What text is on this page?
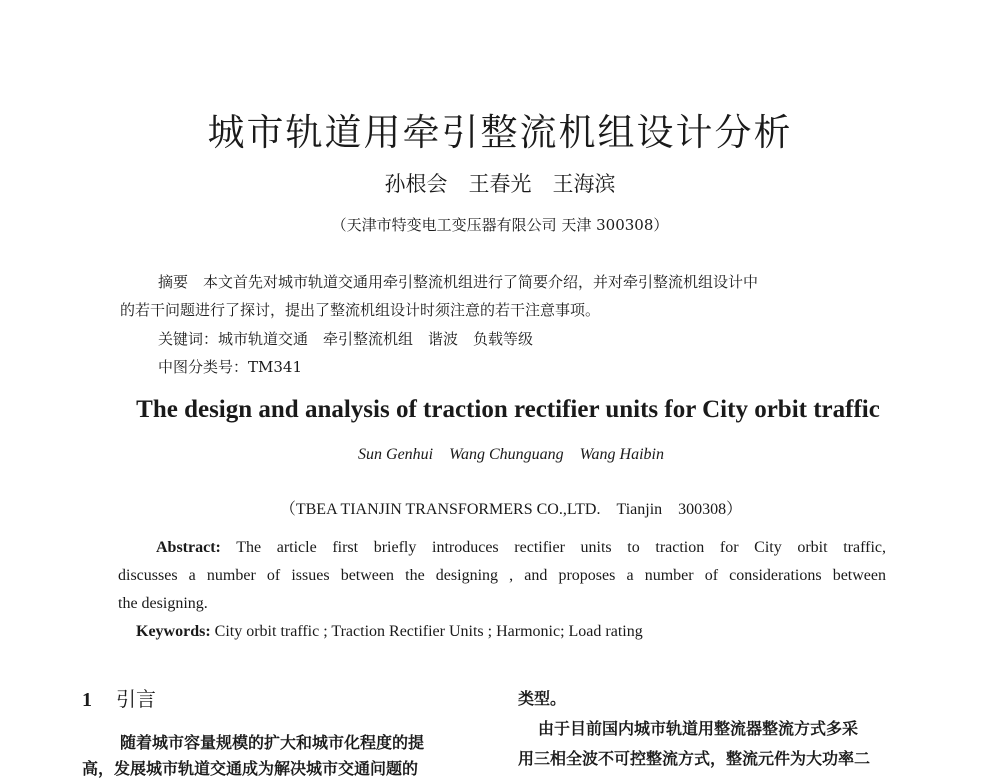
城市轨道用牵引整流机组设计分析
孙根会　王春光　王海滨
（天津市特变电工变压器有限公司 天津 300308）
摘要　本文首先对城市轨道交通用牵引整流机组进行了简要介绍，并对牵引整流机组设计中
的若干问题进行了探讨，提出了整流机组设计时须注意的若干注意事项。
关键词：城市轨道交通　牵引整流机组　谐波　负载等级
中图分类号：TM341
The design and analysis of traction rectifier units for City orbit traffic
Sun Genhui　Wang Chunguang　Wang Haibin
（TBEA TIANJIN TRANSFORMERS CO.,LTD.　Tianjin　300308）
Abstract: The article first briefly introduces rectifier units to traction for City orbit traffic,
discusses a number of issues between the designing , and proposes a number of considerations between
the designing.
Keywords: City orbit traffic ; Traction Rectifier Units ; Harmonic; Load rating
1 引言
随着城市容量规模的扩大和城市化程度的提
高，发展城市轨道交通成为解决城市交通问题的
类型。
由于目前国内城市轨道用整流器整流方式多采
用三相全波不可控整流方式，整流元件为大功率二
